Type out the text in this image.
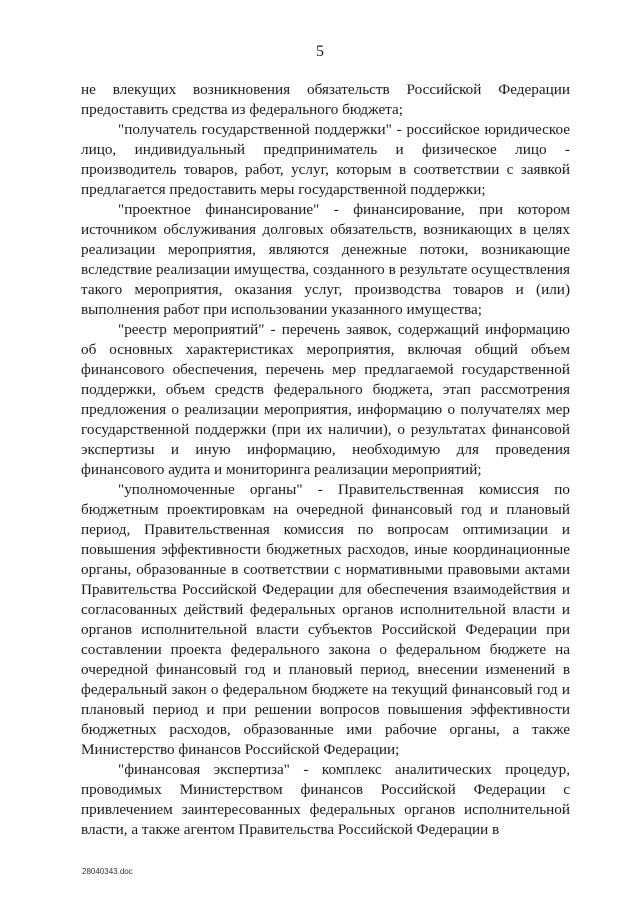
5

не влекущих возникновения обязательств Российской Федерации предоставить средства из федерального бюджета;

"получатель государственной поддержки" - российское юридическое лицо, индивидуальный предприниматель и физическое лицо - производитель товаров, работ, услуг, которым в соответствии с заявкой предлагается предоставить меры государственной поддержки;

"проектное финансирование" - финансирование, при котором источником обслуживания долговых обязательств, возникающих в целях реализации мероприятия, являются денежные потоки, возникающие вследствие реализации имущества, созданного в результате осуществления такого мероприятия, оказания услуг, производства товаров и (или) выполнения работ при использовании указанного имущества;

"реестр мероприятий" - перечень заявок, содержащий информацию об основных характеристиках мероприятия, включая общий объем финансового обеспечения, перечень мер предлагаемой государственной поддержки, объем средств федерального бюджета, этап рассмотрения предложения о реализации мероприятия, информацию о получателях мер государственной поддержки (при их наличии), о результатах финансовой экспертизы и иную информацию, необходимую для проведения финансового аудита и мониторинга реализации мероприятий;

"уполномоченные органы" - Правительственная комиссия по бюджетным проектировкам на очередной финансовый год и плановый период, Правительственная комиссия по вопросам оптимизации и повышения эффективности бюджетных расходов, иные координационные органы, образованные в соответствии с нормативными правовыми актами Правительства Российской Федерации для обеспечения взаимодействия и согласованных действий федеральных органов исполнительной власти и органов исполнительной власти субъектов Российской Федерации при составлении проекта федерального закона о федеральном бюджете на очередной финансовый год и плановый период, внесении изменений в федеральный закон о федеральном бюджете на текущий финансовый год и плановый период и при решении вопросов повышения эффективности бюджетных расходов, образованные ими рабочие органы, а также Министерство финансов Российской Федерации;

"финансовая экспертиза" - комплекс аналитических процедур, проводимых Министерством финансов Российской Федерации с привлечением заинтересованных федеральных органов исполнительной власти, а также агентом Правительства Российской Федерации в

28040343.doc
